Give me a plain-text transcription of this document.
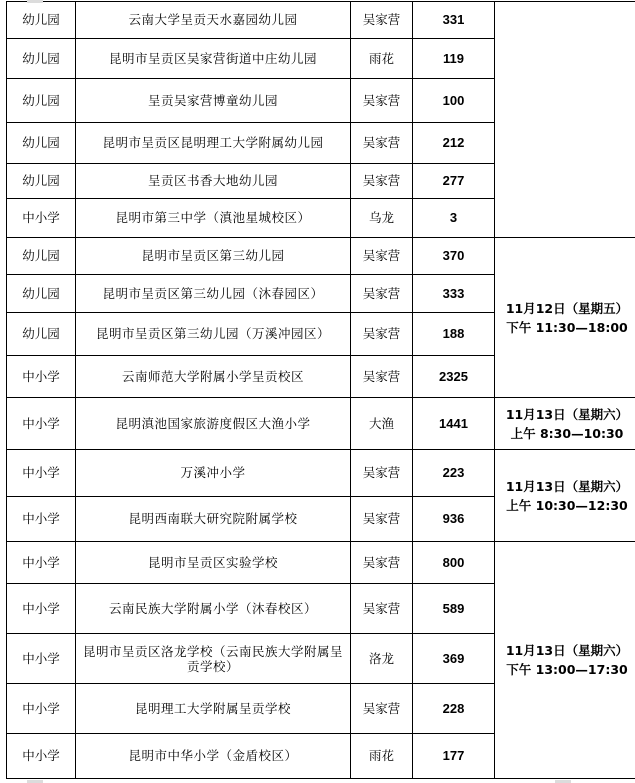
幼儿园	云南大学呈贡天水嘉园幼儿园	吴家营	331	

幼儿园	昆明市呈贡区吴家营街道中庄幼儿园	雨花	119	
幼儿园	呈贡吴家营博童幼儿园	吴家营	100	
幼儿园	昆明市呈贡区昆明理工大学附属幼儿园	吴家营	212	
幼儿园	呈贡区书香大地幼儿园	吴家营	277	
中小学	昆明市第三中学（滇池星城校区）	乌龙	3	
幼儿园	昆明市呈贡区第三幼儿园	吴家营	370	11月12日（星期五）
下午 11:30—18:00

幼儿园	昆明市呈贡区第三幼儿园（沐春园区）	吴家营	333	
幼儿园	昆明市呈贡区第三幼儿园（万溪冲园区）	吴家营	188	
中小学	云南师范大学附属小学呈贡校区	吴家营	2325	
中小学	昆明滇池国家旅游度假区大渔小学	大渔	1441	11月13日（星期六）
上午 8:30—10:30

中小学	万溪冲小学	吴家营	223	11月13日（星期六）
上午 10:30—12:30

中小学	昆明西南联大研究院附属学校	吴家营	936	
中小学	昆明市呈贡区实验学校	吴家营	800	11月13日（星期六）
下午 13:00—17:30

中小学	云南民族大学附属小学（沐春校区）	吴家营	589	
中小学	昆明市呈贡区洛龙学校（云南民族大学附属呈贡学校）	洛龙	369	
中小学	昆明理工大学附属呈贡学校	吴家营	228	
中小学	昆明市中华小学（金盾校区）	雨花	177	
